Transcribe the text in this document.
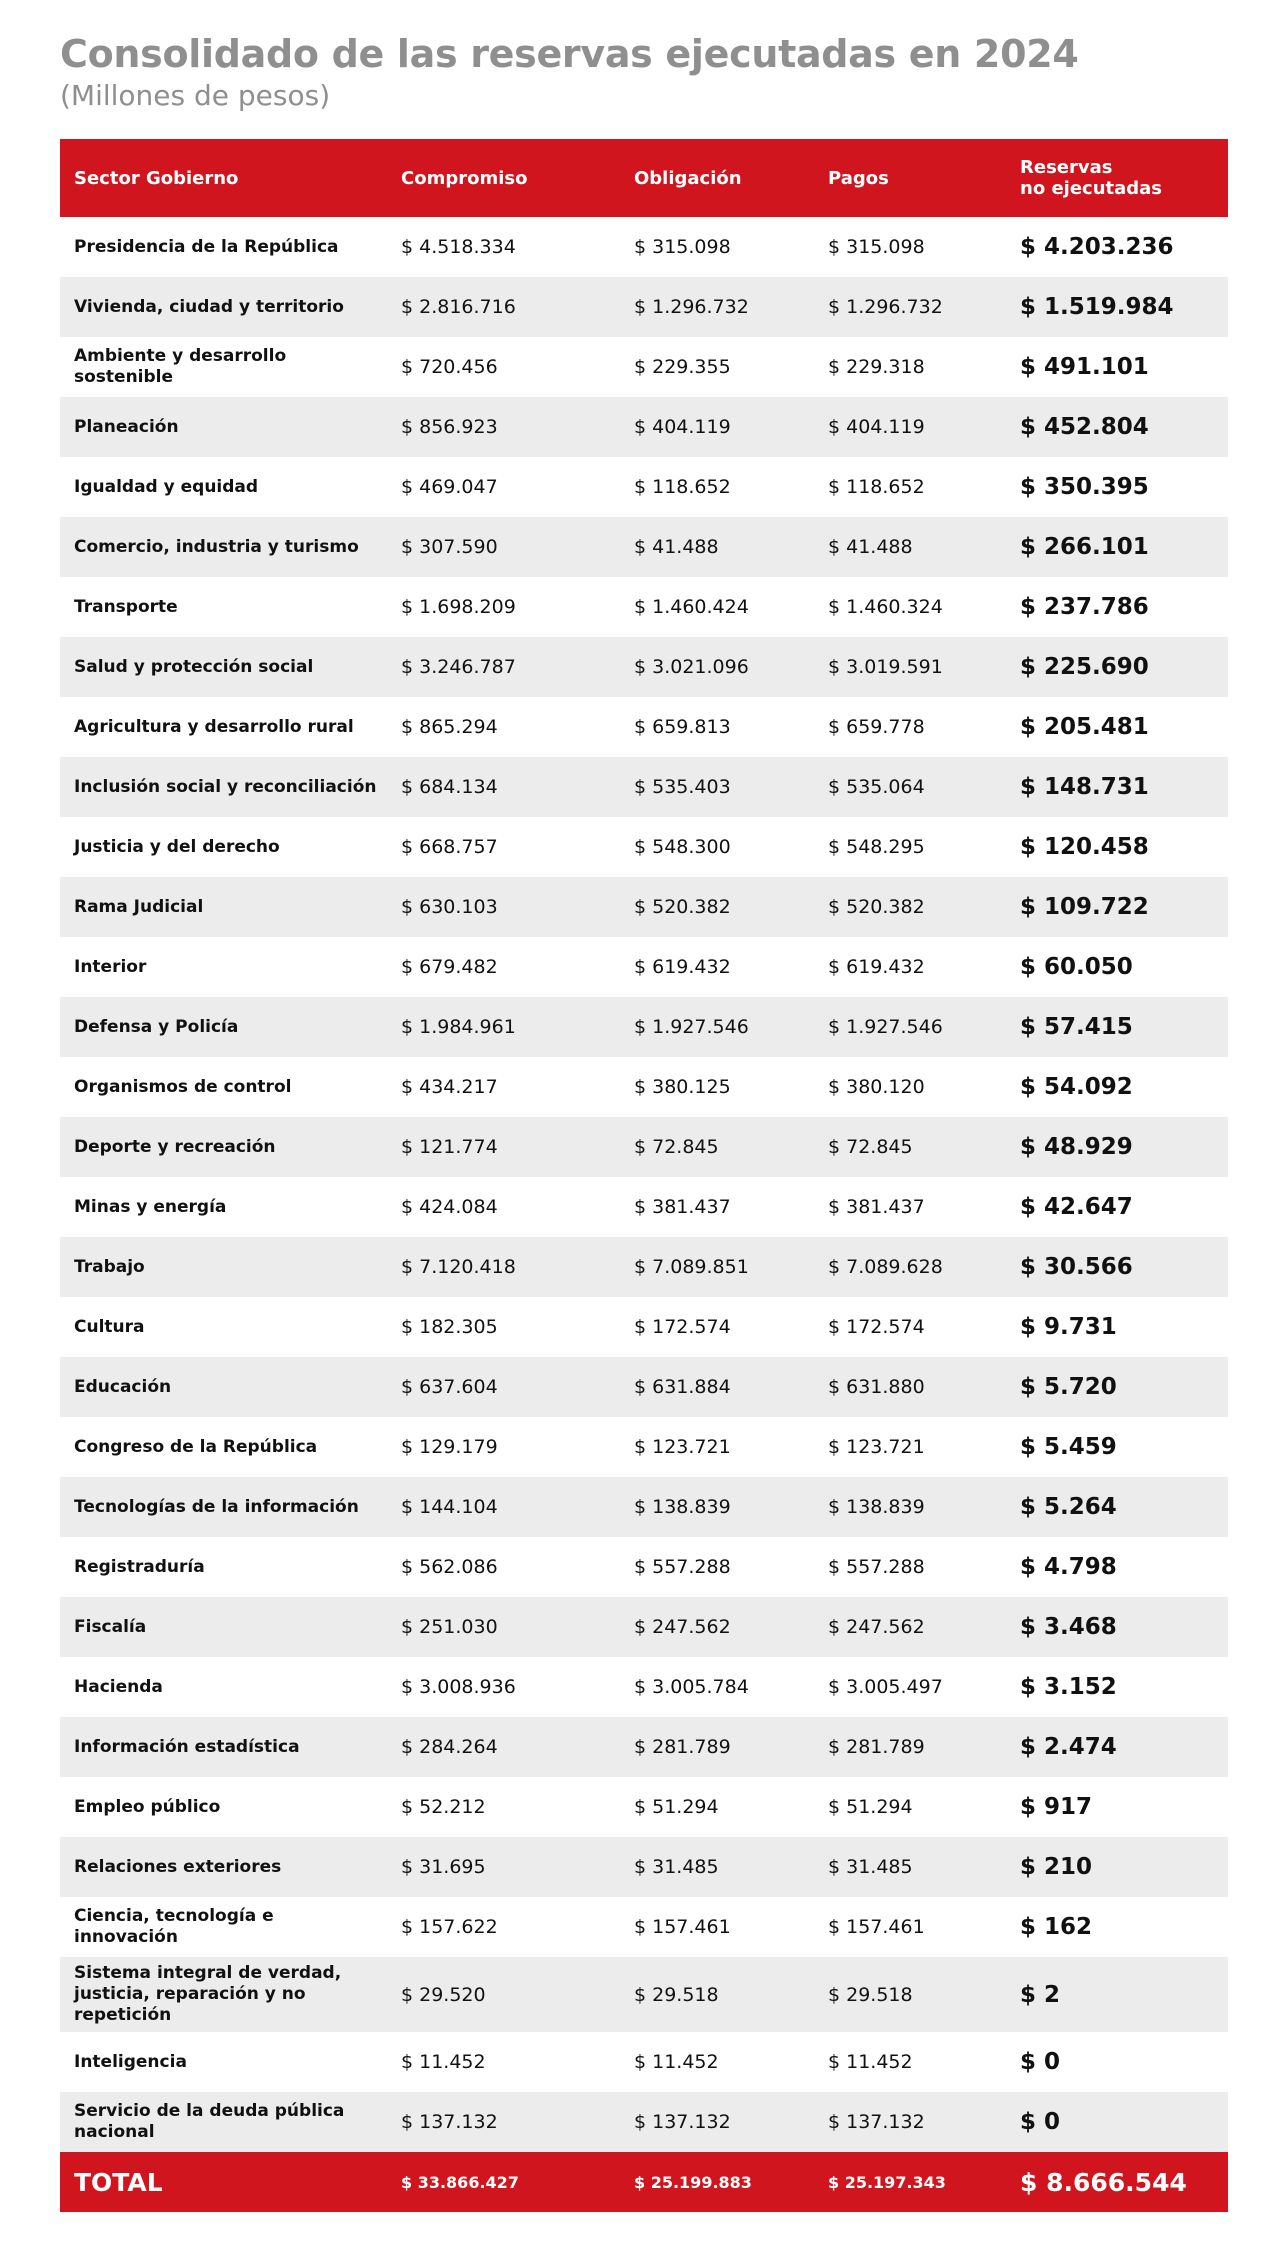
Consolidado de las reservas ejecutadas en 2024
(Millones de pesos)
Sector Gobierno	Compromiso	Obligación	Pagos	Reservas
no ejecutadas
Presidencia de la República	$ 4.518.334	$ 315.098	$ 315.098	$ 4.203.236
Vivienda, ciudad y territorio	$ 2.816.716	$ 1.296.732	$ 1.296.732	$ 1.519.984
Ambiente y desarrollo sostenible	$ 720.456	$ 229.355	$ 229.318	$ 491.101
Planeación	$ 856.923	$ 404.119	$ 404.119	$ 452.804
Igualdad y equidad	$ 469.047	$ 118.652	$ 118.652	$ 350.395
Comercio, industria y turismo	$ 307.590	$ 41.488	$ 41.488	$ 266.101
Transporte	$ 1.698.209	$ 1.460.424	$ 1.460.324	$ 237.786
Salud y protección social	$ 3.246.787	$ 3.021.096	$ 3.019.591	$ 225.690
Agricultura y desarrollo rural	$ 865.294	$ 659.813	$ 659.778	$ 205.481
Inclusión social y reconciliación	$ 684.134	$ 535.403	$ 535.064	$ 148.731
Justicia y del derecho	$ 668.757	$ 548.300	$ 548.295	$ 120.458
Rama Judicial	$ 630.103	$ 520.382	$ 520.382	$ 109.722
Interior	$ 679.482	$ 619.432	$ 619.432	$ 60.050
Defensa y Policía	$ 1.984.961	$ 1.927.546	$ 1.927.546	$ 57.415
Organismos de control	$ 434.217	$ 380.125	$ 380.120	$ 54.092
Deporte y recreación	$ 121.774	$ 72.845	$ 72.845	$ 48.929
Minas y energía	$ 424.084	$ 381.437	$ 381.437	$ 42.647
Trabajo	$ 7.120.418	$ 7.089.851	$ 7.089.628	$ 30.566
Cultura	$ 182.305	$ 172.574	$ 172.574	$ 9.731
Educación	$ 637.604	$ 631.884	$ 631.880	$ 5.720
Congreso de la República	$ 129.179	$ 123.721	$ 123.721	$ 5.459
Tecnologías de la información	$ 144.104	$ 138.839	$ 138.839	$ 5.264
Registraduría	$ 562.086	$ 557.288	$ 557.288	$ 4.798
Fiscalía	$ 251.030	$ 247.562	$ 247.562	$ 3.468
Hacienda	$ 3.008.936	$ 3.005.784	$ 3.005.497	$ 3.152
Información estadística	$ 284.264	$ 281.789	$ 281.789	$ 2.474
Empleo público	$ 52.212	$ 51.294	$ 51.294	$ 917
Relaciones exteriores	$ 31.695	$ 31.485	$ 31.485	$ 210
Ciencia, tecnología e innovación	$ 157.622	$ 157.461	$ 157.461	$ 162
Sistema integral de verdad, justicia, reparación y no repetición	$ 29.520	$ 29.518	$ 29.518	$ 2
Inteligencia	$ 11.452	$ 11.452	$ 11.452	$ 0
Servicio de la deuda pública nacional	$ 137.132	$ 137.132	$ 137.132	$ 0
TOTAL	$ 33.866.427	$ 25.199.883	$ 25.197.343	$ 8.666.544
